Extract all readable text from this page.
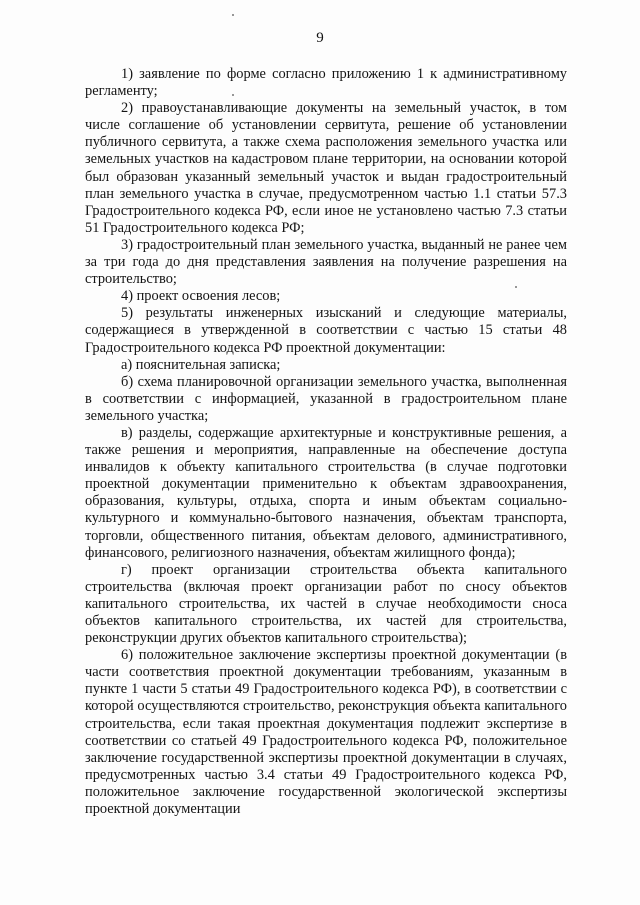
9

1) заявление по форме согласно приложению 1 к административному регламенту;

2) правоустанавливающие документы на земельный участок, в том числе соглашение об установлении сервитута, решение об установлении публичного сервитута, а также схема расположения земельного участка или земельных участков на кадастровом плане территории, на основании которой был образован указанный земельный участок и выдан градостроительный план земельного участка в случае, предусмотренном частью 1.1 статьи 57.3 Градостроительного кодекса РФ, если иное не установлено частью 7.3 статьи 51 Градостроительного кодекса РФ;

3) градостроительный план земельного участка, выданный не ранее чем за три года до дня представления заявления на получение разрешения на строительство;

4) проект освоения лесов;

5) результаты инженерных изысканий и следующие материалы, содержащиеся в утвержденной в соответствии с частью 15 статьи 48 Градостроительного кодекса РФ проектной документации:

а) пояснительная записка;

б) схема планировочной организации земельного участка, выполненная в соответствии с информацией, указанной в градостроительном плане земельного участка;

в) разделы, содержащие архитектурные и конструктивные решения, а также решения и мероприятия, направленные на обеспечение доступа инвалидов к объекту капитального строительства (в случае подготовки проектной документации применительно к объектам здравоохранения, образования, культуры, отдыха, спорта и иным объектам социально-культурного и коммунально-бытового назначения, объектам транспорта, торговли, общественного питания, объектам делового, административного, финансового, религиозного назначения, объектам жилищного фонда);

г) проект организации строительства объекта капитального строительства (включая проект организации работ по сносу объектов капитального строительства, их частей в случае необходимости сноса объектов капитального строительства, их частей для строительства, реконструкции других объектов капитального строительства);

6) положительное заключение экспертизы проектной документации (в части соответствия проектной документации требованиям, указанным в пункте 1 части 5 статьи 49 Градостроительного кодекса РФ), в соответствии с которой осуществляются строительство, реконструкция объекта капитального строительства, если такая проектная документация подлежит экспертизе в соответствии со статьей 49 Градостроительного кодекса РФ, положительное заключение государственной экспертизы проектной документации в случаях, предусмотренных частью 3.4 статьи 49 Градостроительного кодекса РФ, положительное заключение государственной экологической экспертизы проектной документации
